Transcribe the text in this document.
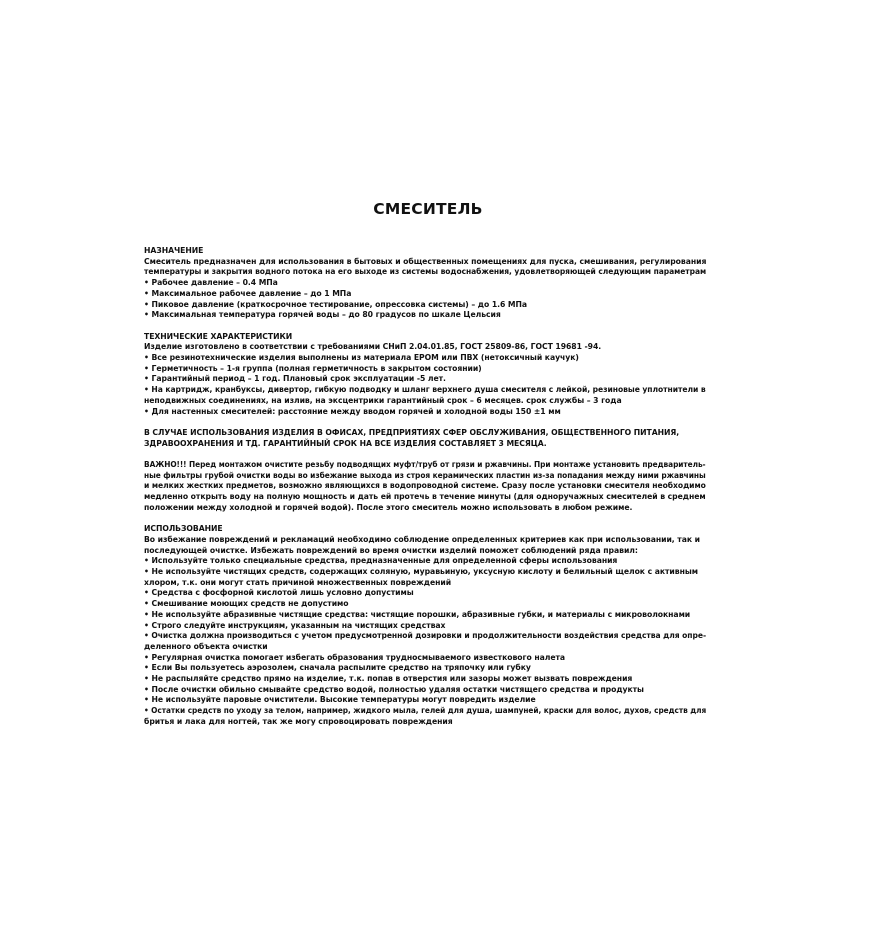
СМЕСИТЕЛЬ
НАЗНАЧЕНИЕ
Смеситель предназначен для использования в бытовых и общественных помещениях для пуска, смешивания, регулирования
температуры и закрытия водного потока на его выходе из системы водоснабжения, удовлетворяющей следующим параметрам
• Рабочее давление – 0.4 МПа
• Максимальное рабочее давление – до 1 МПа
• Пиковое давление (краткосрочное тестирование, опрессовка системы) – до 1.6 МПа
• Максимальная температура горячей воды – до 80 градусов по шкале Цельсия
ТЕХНИЧЕСКИЕ ХАРАКТЕРИСТИКИ
Изделие изготовлено в соответствии с требованиями СНиП 2.04.01.85, ГОСТ 25809-86, ГОСТ 19681 -94.
• Все резинотехнические изделия выполнены из материала EPOM или ПВХ (нетоксичный каучук)
• Герметичность – 1-я группа (полная герметичность в закрытом состоянии)
• Гарантийный период – 1 год. Плановый срок эксплуатации -5 лет.
• На картридж, кранбуксы, дивертор, гибкую подводку и шланг верхнего душа смесителя с лейкой, резиновые уплотнители в
неподвижных соединениях, на излив, на эксцентрики гарантийный срок – 6 месяцев. срок службы – 3 года
• Для настенных смесителей: расстояние между вводом горячей и холодной воды 150 ±1 мм
В СЛУЧАЕ ИСПОЛЬЗОВАНИЯ ИЗДЕЛИЯ В ОФИСАХ, ПРЕДПРИЯТИЯХ СФЕР ОБСЛУЖИВАНИЯ, ОБЩЕСТВЕННОГО ПИТАНИЯ,
ЗДРАВООХРАНЕНИЯ И ТД. ГАРАНТИЙНЫЙ СРОК НА ВСЕ ИЗДЕЛИЯ СОСТАВЛЯЕТ 3 МЕСЯЦА.
ВАЖНО!!! Перед монтажом очистите резьбу подводящих муфт/труб от грязи и ржавчины. При монтаже установить предваритель-
ные фильтры грубой очистки воды во избежание выхода из строя керамических пластин из-за попадания между ними ржавчины
и мелких жестких предметов, возможно являющихся в водопроводной системе. Сразу после установки смесителя необходимо
медленно открыть воду на полную мощность и дать ей протечь в течение минуты (для одноручажных смесителей в среднем
положении между холодной и горячей водой). После этого смеситель можно использовать в любом режиме.
ИСПОЛЬЗОВАНИЕ
Во избежание повреждений и рекламаций необходимо соблюдение определенных критериев как при использовании, так и
последующей очистке. Избежать повреждений во время очистки изделий поможет соблюдений ряда правил:
• Используйте только специальные средства, предназначенные для определенной сферы использования
• Не используйте чистящих средств, содержащих соляную, муравьиную, уксусную кислоту и белильный щелок с активным
хлором, т.к. они могут стать причиной множественных повреждений
• Средства с фосфорной кислотой лишь условно допустимы
• Смешивание моющих средств не допустимо
• Не используйте абразивные чистящие средства: чистящие порошки, абразивные губки, и материалы с микроволокнами
• Строго следуйте инструкциям, указанным на чистящих средствах
• Очистка должна производиться с учетом предусмотренной дозировки и продолжительности воздействия средства для опре-
деленного объекта очистки
• Регулярная очистка помогает избегать образования трудносмываемого известкового налета
• Если Вы пользуетесь аэрозолем, сначала распылите средство на тряпочку или губку
• Не распыляйте средство прямо на изделие, т.к. попав в отверстия или зазоры может вызвать повреждения
• После очистки обильно смывайте средство водой, полностью удаляя остатки чистящего средства и продукты
• Не используйте паровые очистители. Высокие температуры могут повредить изделие
• Остатки средств по уходу за телом, например, жидкого мыла, гелей для душа, шампуней, краски для волос, духов, средств для
бритья и лака для ногтей, так же могу спровоцировать повреждения
